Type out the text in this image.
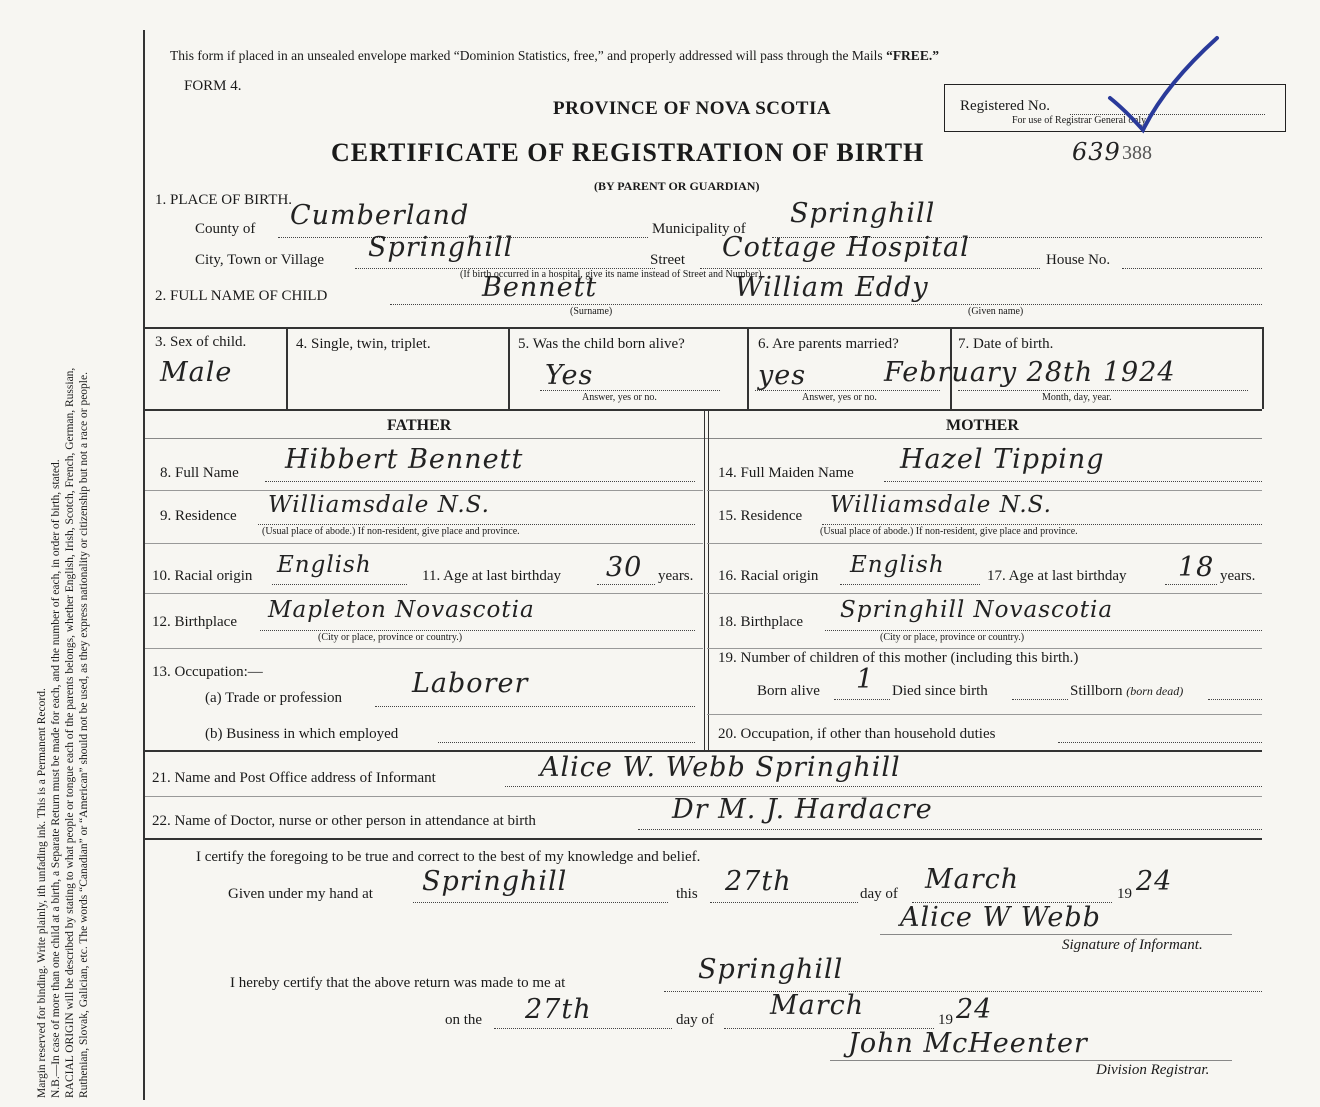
Margin reserved for binding. Write plainly, ith unfading ink. This is a Permanent Record. N.B.—In case of more than one child at a birth, a Separate Return must be made for each, and the number of each, in order of birth, stated. RACIAL ORIGIN will be described by stating to what people or tongue each of the parents belongs, whether English, Irish, Scotch, French, German, Russian, Ruthenian, Slovak, Galician, etc. The words “Canadian” or “American” should not be used, as they express nationality or citizenship but not a race or people.
This form if placed in an unsealed envelope marked “Dominion Statistics, free,” and properly addressed will pass through the Mails “FREE.”
FORM 4.
PROVINCE OF NOVA SCOTIA	Registered No.
For use of Registrar General only.
CERTIFICATE OF REGISTRATION OF BIRTH	639 388
(BY PARENT OR GUARDIAN)
1. PLACE OF BIRTH.
County of Cumberland	Municipality of Springhill
City, Town or Village Springhill	Street Cottage Hospital	House No.
(If birth occurred in a hospital, give its name instead of Street and Number)
2. FULL NAME OF CHILD	Bennett	William Eddy
(Surname)	(Given name)
3. Sex of child.
Male
4. Single, twin, triplet.	5. Was the child born alive?
Yes
Answer, yes or no.
6. Are parents married?
yes
Answer, yes or no.
7. Date of birth.
February 28th 1924
Month, day, year.
FATHER	MOTHER
8. Full Name Hibbert Bennett
9. Residence Williamsdale N.S.
(Usual place of abode.) If non-resident, give place and province.
10. Racial origin English	11. Age at last birthday 30 years.
12. Birthplace Mapleton Novascotia
(City or place, province or country.)
13. Occupation:—
(a) Trade or profession	Laborer
(b) Business in which employed
14. Full Maiden Name Hazel Tipping
15. Residence Williamsdale N.S.
(Usual place of abode.) If non-resident, give place and province.
16. Racial origin English	17. Age at last birthday 18 years.
18. Birthplace Springhill Novascotia
(City or place, province or country.)
19. Number of children of this mother (including this birth.)
Born alive 1 Died since birth	Stillborn (born dead)
20. Occupation, if other than household duties
21. Name and Post Office address of Informant	Alice W. Webb Springhill
22. Name of Doctor, nurse or other person in attendance at birth	Dr M. J. Hardacre
I certify the foregoing to be true and correct to the best of my knowledge and belief.
Given under my hand at Springhill	this 27th	day of March	19 24
Alice W Webb
Signature of Informant.
I hereby certify that the above return was made to me at	Springhill
on the 27th	day of March	19 24
John McHeenter
Division Registrar.
